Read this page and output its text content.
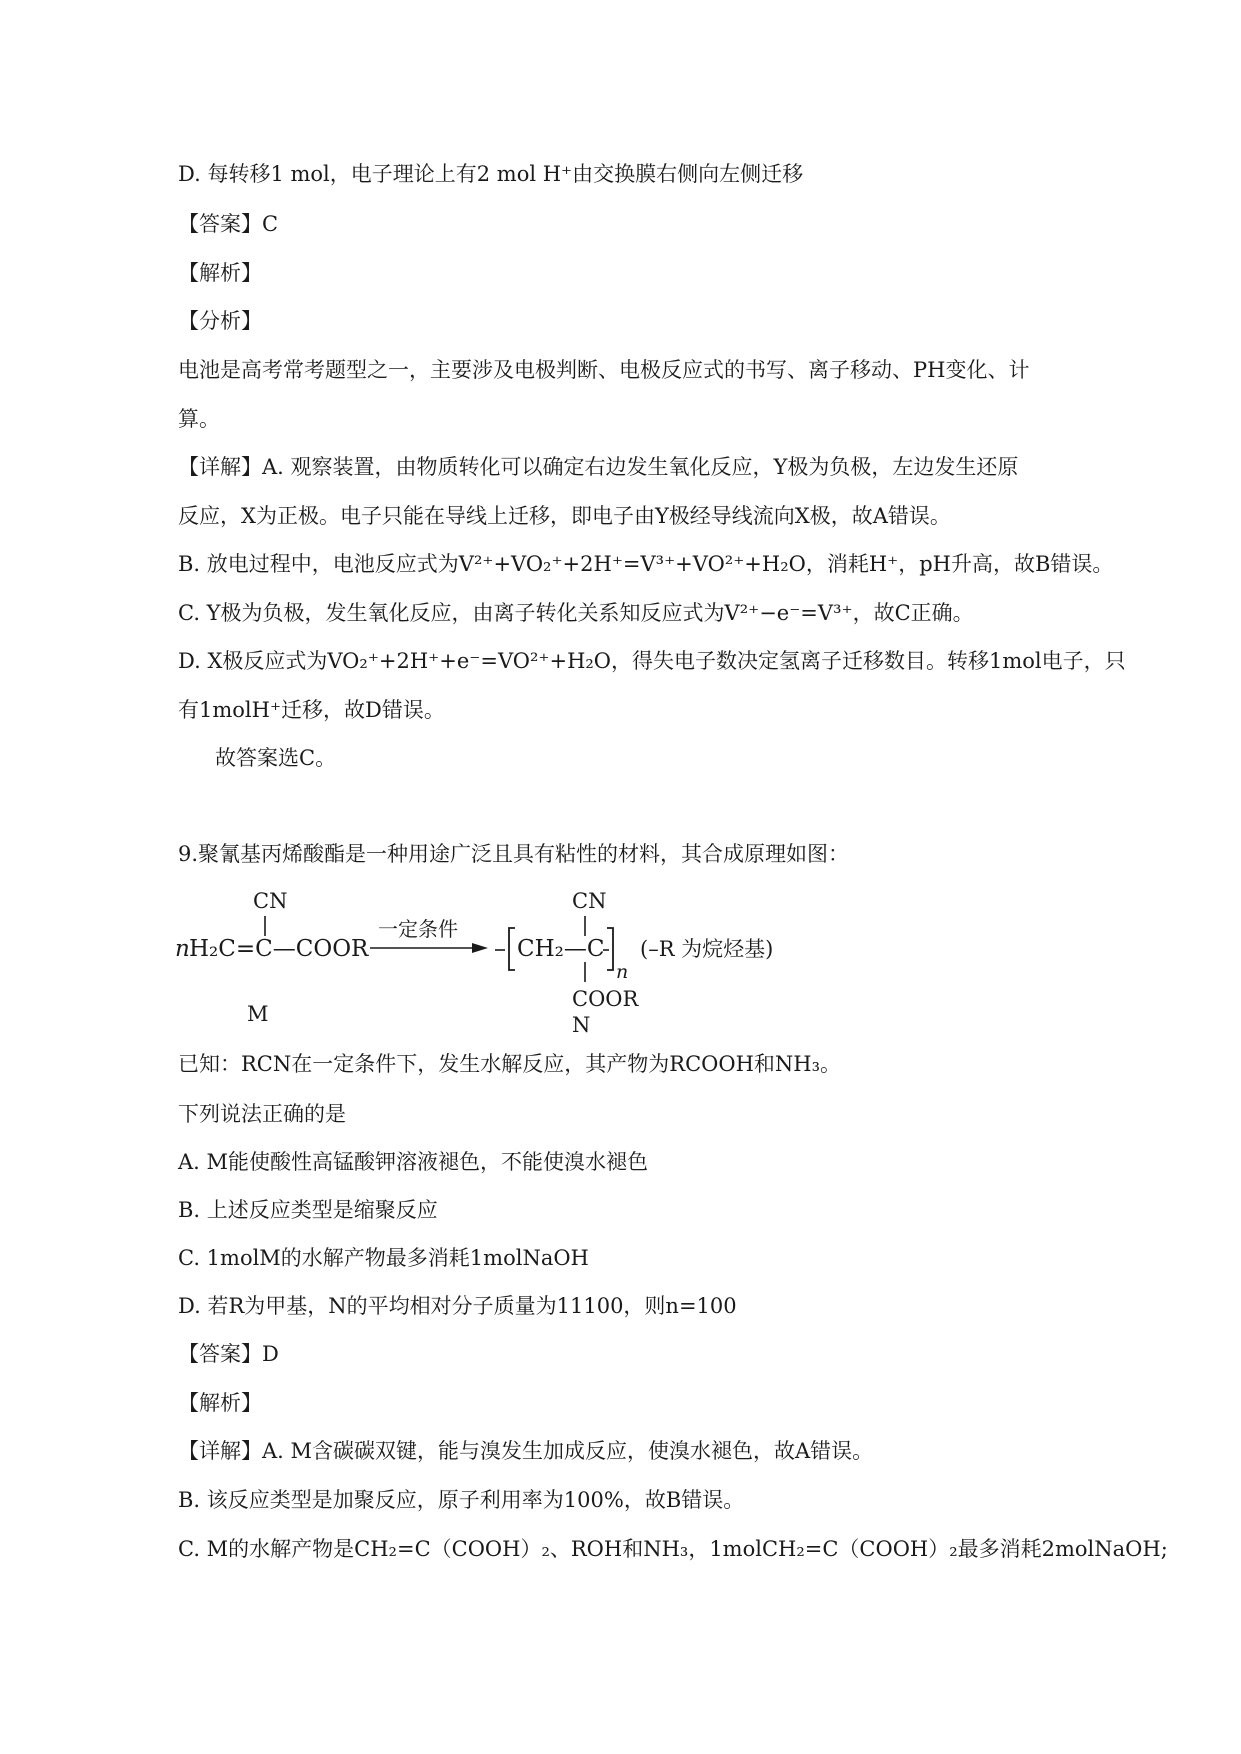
D. 每转移1 mol，电子理论上有2 mol H⁺由交换膜右侧向左侧迁移
【答案】C
【解析】
【分析】
电池是高考常考题型之一，主要涉及电极判断、电极反应式的书写、离子移动、PH变化、计
算。
【详解】A. 观察装置，由物质转化可以确定右边发生氧化反应，Y极为负极，左边发生还原
反应，X为正极。电子只能在导线上迁移，即电子由Y极经导线流向X极，故A错误。
B. 放电过程中，电池反应式为V²⁺+VO₂⁺+2H⁺=V³⁺+VO²⁺+H₂O，消耗H⁺，pH升高，故B错误。
C. Y极为负极，发生氧化反应，由离子转化关系知反应式为V²⁺−e⁻=V³⁺，故C正确。
D. X极反应式为VO₂⁺+2H⁺+e⁻=VO²⁺+H₂O，得失电子数决定氢离子迁移数目。转移1mol电子，只
有1molH⁺迁移，故D错误。
故答案选C。
9.聚氰基丙烯酸酯是一种用途广泛且具有粘性的材料，其合成原理如图：
CN
n H₂C=C—COOR
M
一定条件
CH₂—C
CN
COOR
n
N
(–R 为烷烃基)
已知：RCN在一定条件下，发生水解反应，其产物为RCOOH和NH₃。
下列说法正确的是
A. M能使酸性高锰酸钾溶液褪色，不能使溴水褪色
B. 上述反应类型是缩聚反应
C. 1molM的水解产物最多消耗1molNaOH
D. 若R为甲基，N的平均相对分子质量为11100，则n=100
【答案】D
【解析】
【详解】A. M含碳碳双键，能与溴发生加成反应，使溴水褪色，故A错误。
B. 该反应类型是加聚反应，原子利用率为100%，故B错误。
C. M的水解产物是CH₂=C（COOH）₂、ROH和NH₃，1molCH₂=C（COOH）₂最多消耗2molNaOH;
